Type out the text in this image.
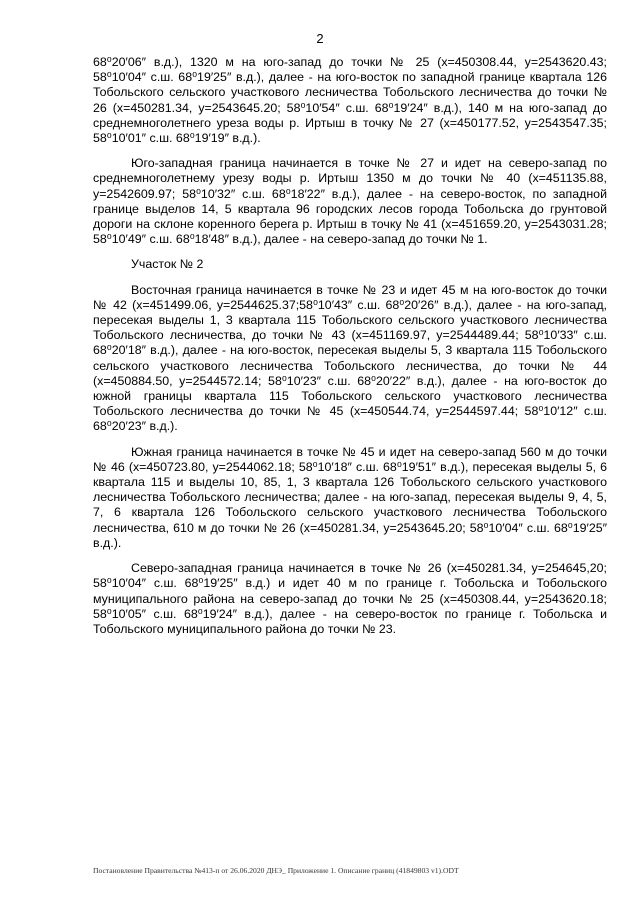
2

68⁰20′06″ в.д.), 1320 м на юго-запад до точки № 25 (x=450308.44, y=2543620.43; 58⁰10′04″ с.ш. 68⁰19′25″ в.д.), далее - на юго-восток по западной границе квартала 126 Тобольского сельского участкового лесничества Тобольского лесничества до точки № 26 (x=450281.34, y=2543645.20; 58⁰10′54″ с.ш. 68⁰19′24″ в.д.), 140 м на юго-запад до среднемноголетнего уреза воды р. Иртыш в точку № 27 (x=450177.52, y=2543547.35; 58⁰10′01″ с.ш. 68⁰19′19″ в.д.).

Юго-западная граница начинается в точке № 27 и идет на северо-запад по среднемноголетнему урезу воды р. Иртыш 1350 м до точки № 40 (x=451135.88, y=2542609.97; 58⁰10′32″ с.ш. 68⁰18′22″ в.д.), далее - на северо-восток, по западной границе выделов 14, 5 квартала 96 городских лесов города Тобольска до грунтовой дороги на склоне коренного берега р. Иртыш в точку № 41 (x=451659.20, y=2543031.28; 58⁰10′49″ с.ш. 68⁰18′48″ в.д.), далее - на северо-запад до точки № 1.

Участок № 2

Восточная граница начинается в точке № 23 и идет 45 м на юго-восток до точки № 42 (x=451499.06, y=2544625.37;58⁰10′43″ с.ш. 68⁰20′26″ в.д.), далее - на юго-запад, пересекая выделы 1, 3 квартала 115 Тобольского сельского участкового лесничества Тобольского лесничества, до точки № 43 (x=451169.97, y=2544489.44; 58⁰10′33″ с.ш. 68⁰20′18″ в.д.), далее - на юго-восток, пересекая выделы 5, 3 квартала 115 Тобольского сельского участкового лесничества Тобольского лесничества, до точки № 44 (x=450884.50, y=2544572.14; 58⁰10′23″ с.ш. 68⁰20′22″ в.д.), далее - на юго-восток до южной границы квартала 115 Тобольского сельского участкового лесничества Тобольского лесничества до точки № 45 (x=450544.74, y=2544597.44; 58⁰10′12″ с.ш. 68⁰20′23″ в.д.).

Южная граница начинается в точке № 45 и идет на северо-запад 560 м до точки № 46 (x=450723.80, y=2544062.18; 58⁰10′18″ с.ш. 68⁰19′51″ в.д.), пересекая выделы 5, 6 квартала 115 и выделы 10, 85, 1, 3 квартала 126 Тобольского сельского участкового лесничества Тобольского лесничества; далее - на юго-запад, пересекая выделы 9, 4, 5, 7, 6 квартала 126 Тобольского сельского участкового лесничества Тобольского лесничества, 610 м до точки № 26 (x=450281.34, y=2543645.20; 58⁰10′04″ с.ш. 68⁰19′25″ в.д.).

Северо-западная граница начинается в точке № 26 (x=450281.34, y=254645,20; 58⁰10′04″ с.ш. 68⁰19′25″ в.д.) и идет 40 м по границе г. Тобольска и Тобольского муниципального района на северо-запад до точки № 25 (x=450308.44, y=2543620.18; 58⁰10′05″ с.ш. 68⁰19′24″ в.д.), далее - на северо-восток по границе г. Тобольска и Тобольского муниципального района до точки № 23.

Постановление Правительства №413-п от 26.06.2020 ДНЭ_ Приложение 1. Описание границ (41849803 v1).ODT
